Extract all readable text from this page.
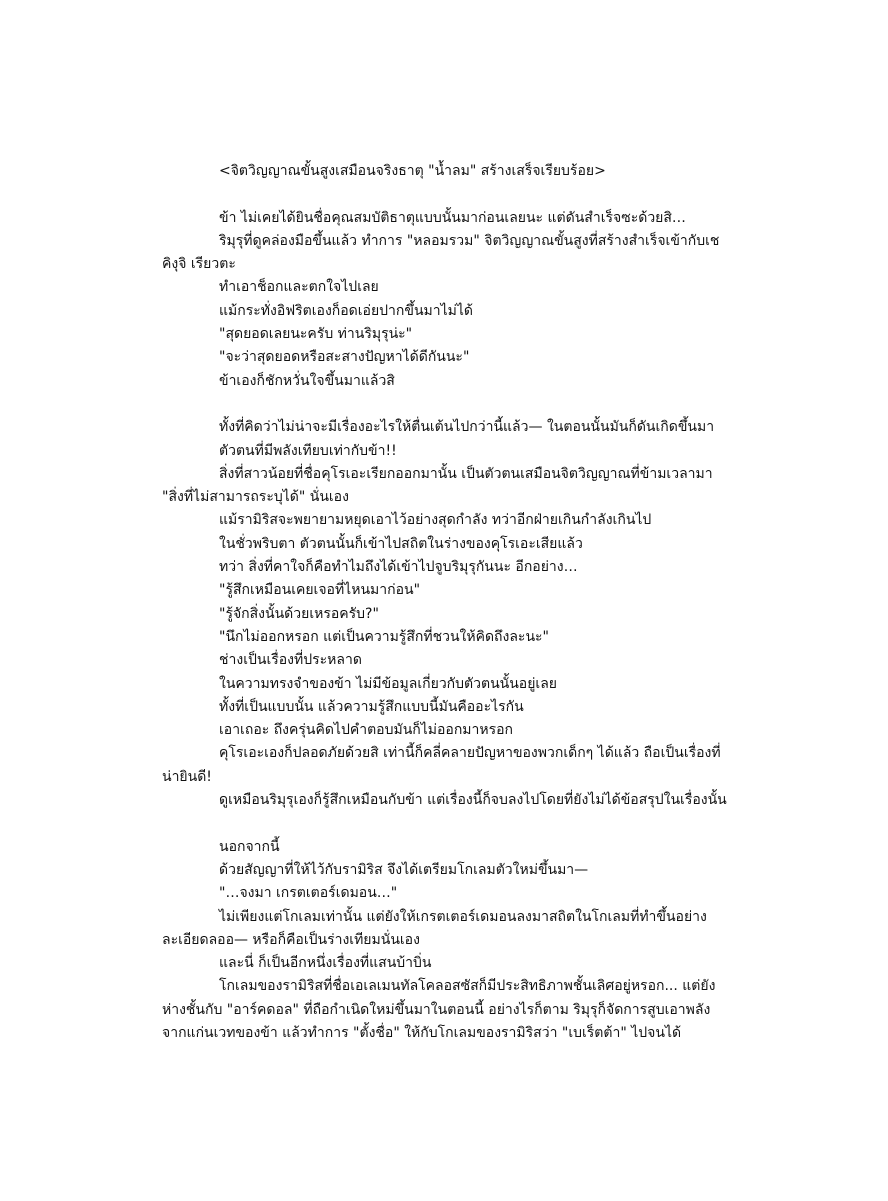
<จิตวิญญาณขั้นสูงเสมือนจริงธาตุ "น้ำลม" สร้างเสร็จเรียบร้อย>

ข้า ไม่เคยได้ยินชื่อคุณสมบัติธาตุแบบนั้นมาก่อนเลยนะ แต่ดันสำเร็จซะด้วยสิ…

ริมุรุที่ดูคล่องมือขึ้นแล้ว ทำการ "หลอมรวม" จิตวิญญาณขั้นสูงที่สร้างสำเร็จเข้ากับเชคิงุจิ เรียวตะ

ทำเอาช็อกและตกใจไปเลย

แม้กระทั่งอิฟริตเองก็อดเอ่ยปากขึ้นมาไม่ได้

"สุดยอดเลยนะครับ ท่านริมุรุน่ะ"

"จะว่าสุดยอดหรือสะสางปัญหาได้ดีกันนะ"

ข้าเองก็ชักหวั่นใจขึ้นมาแล้วสิ

ทั้งที่คิดว่าไม่น่าจะมีเรื่องอะไรให้ตื่นเต้นไปกว่านี้แล้ว— ในตอนนั้นมันก็ดันเกิดขึ้นมา

ตัวตนที่มีพลังเทียบเท่ากับข้า!!

สิ่งที่สาวน้อยที่ชื่อคุโรเอะเรียกออกมานั้น เป็นตัวตนเสมือนจิตวิญญาณที่ข้ามเวลามา "สิ่งที่ไม่สามารถระบุได้" นั่นเอง

แม้รามิริสจะพยายามหยุดเอาไว้อย่างสุดกำลัง ทว่าอีกฝ่ายเกินกำลังเกินไป

ในชั่วพริบตา ตัวตนนั้นก็เข้าไปสถิตในร่างของคุโรเอะเสียแล้ว

ทว่า สิ่งที่คาใจก็คือทำไมถึงได้เข้าไปจูบริมุรุกันนะ อีกอย่าง…

"รู้สึกเหมือนเคยเจอที่ไหนมาก่อน"

"รู้จักสิ่งนั้นด้วยเหรอครับ?"

"นึกไม่ออกหรอก แต่เป็นความรู้สึกที่ชวนให้คิดถึงละนะ"

ช่างเป็นเรื่องที่ประหลาด

ในความทรงจำของข้า ไม่มีข้อมูลเกี่ยวกับตัวตนนั้นอยู่เลย

ทั้งที่เป็นแบบนั้น แล้วความรู้สึกแบบนี้มันคืออะไรกัน

เอาเถอะ ถึงครุ่นคิดไปคำตอบมันก็ไม่ออกมาหรอก

คุโรเอะเองก็ปลอดภัยด้วยสิ เท่านี้ก็คลี่คลายปัญหาของพวกเด็กๆ ได้แล้ว ถือเป็นเรื่องที่น่ายินดี!

ดูเหมือนริมุรุเองก็รู้สึกเหมือนกับข้า แต่เรื่องนี้ก็จบลงไปโดยที่ยังไม่ได้ข้อสรุปในเรื่องนั้น

นอกจากนี้

ด้วยสัญญาที่ให้ไว้กับรามิริส จึงได้เตรียมโกเลมตัวใหม่ขึ้นมา—

"…จงมา เกรตเตอร์เดมอน…"

ไม่เพียงแต่โกเลมเท่านั้น แต่ยังให้เกรตเตอร์เดมอนลงมาสถิตในโกเลมที่ทำขึ้นอย่างละเอียดลออ— หรือก็คือเป็นร่างเทียมนั่นเอง

และนี่ ก็เป็นอีกหนึ่งเรื่องที่แสนบ้าบิ่น

โกเลมของรามิริสที่ชื่อเอเลเมนทัลโคลอสซัสก็มีประสิทธิภาพชั้นเลิศอยู่หรอก... แต่ยังห่างชั้นกับ "อาร์คดอล" ที่ถือกำเนิดใหม่ขึ้นมาในตอนนี้ อย่างไรก็ตาม ริมุรุก็จัดการสูบเอาพลังจากแก่นเวทของข้า แล้วทำการ "ตั้งชื่อ" ให้กับโกเลมของรามิริสว่า "เบเร็ตต้า" ไปจนได้
